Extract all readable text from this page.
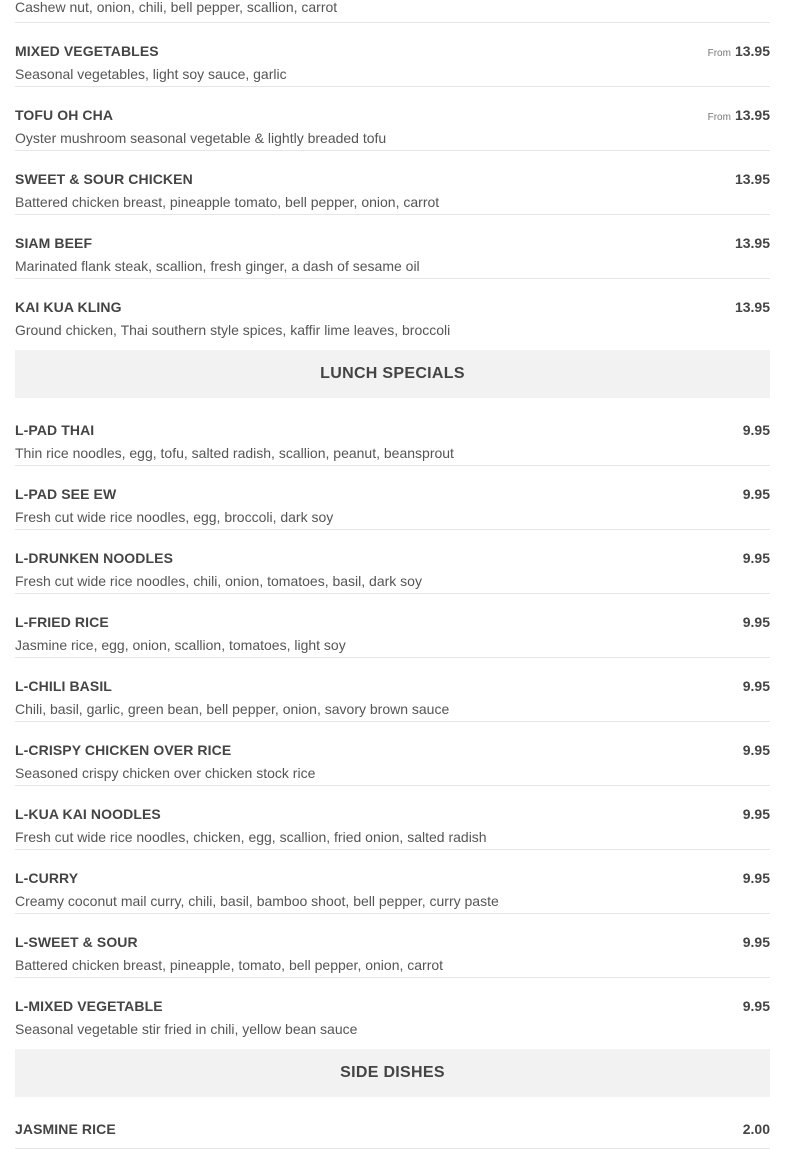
Cashew nut, onion, chili, bell pepper, scallion, carrot
MIXED VEGETABLES	From 13.95
Seasonal vegetables, light soy sauce, garlic
TOFU OH CHA	From 13.95
Oyster mushroom seasonal vegetable & lightly breaded tofu
SWEET & SOUR CHICKEN	13.95
Battered chicken breast, pineapple tomato, bell pepper, onion, carrot
SIAM BEEF	13.95
Marinated flank steak, scallion, fresh ginger, a dash of sesame oil
KAI KUA KLING	13.95
Ground chicken, Thai southern style spices, kaffir lime leaves, broccoli
LUNCH SPECIALS
L-PAD THAI	9.95
Thin rice noodles, egg, tofu, salted radish, scallion, peanut, beansprout
L-PAD SEE EW	9.95
Fresh cut wide rice noodles, egg, broccoli, dark soy
L-DRUNKEN NOODLES	9.95
Fresh cut wide rice noodles, chili, onion, tomatoes, basil, dark soy
L-FRIED RICE	9.95
Jasmine rice, egg, onion, scallion, tomatoes, light soy
L-CHILI BASIL	9.95
Chili, basil, garlic, green bean, bell pepper, onion, savory brown sauce
L-CRISPY CHICKEN OVER RICE	9.95
Seasoned crispy chicken over chicken stock rice
L-KUA KAI NOODLES	9.95
Fresh cut wide rice noodles, chicken, egg, scallion, fried onion, salted radish
L-CURRY	9.95
Creamy coconut mail curry, chili, basil, bamboo shoot, bell pepper, curry paste
L-SWEET & SOUR	9.95
Battered chicken breast, pineapple, tomato, bell pepper, onion, carrot
L-MIXED VEGETABLE	9.95
Seasonal vegetable stir fried in chili, yellow bean sauce
SIDE DISHES
JASMINE RICE	2.00
